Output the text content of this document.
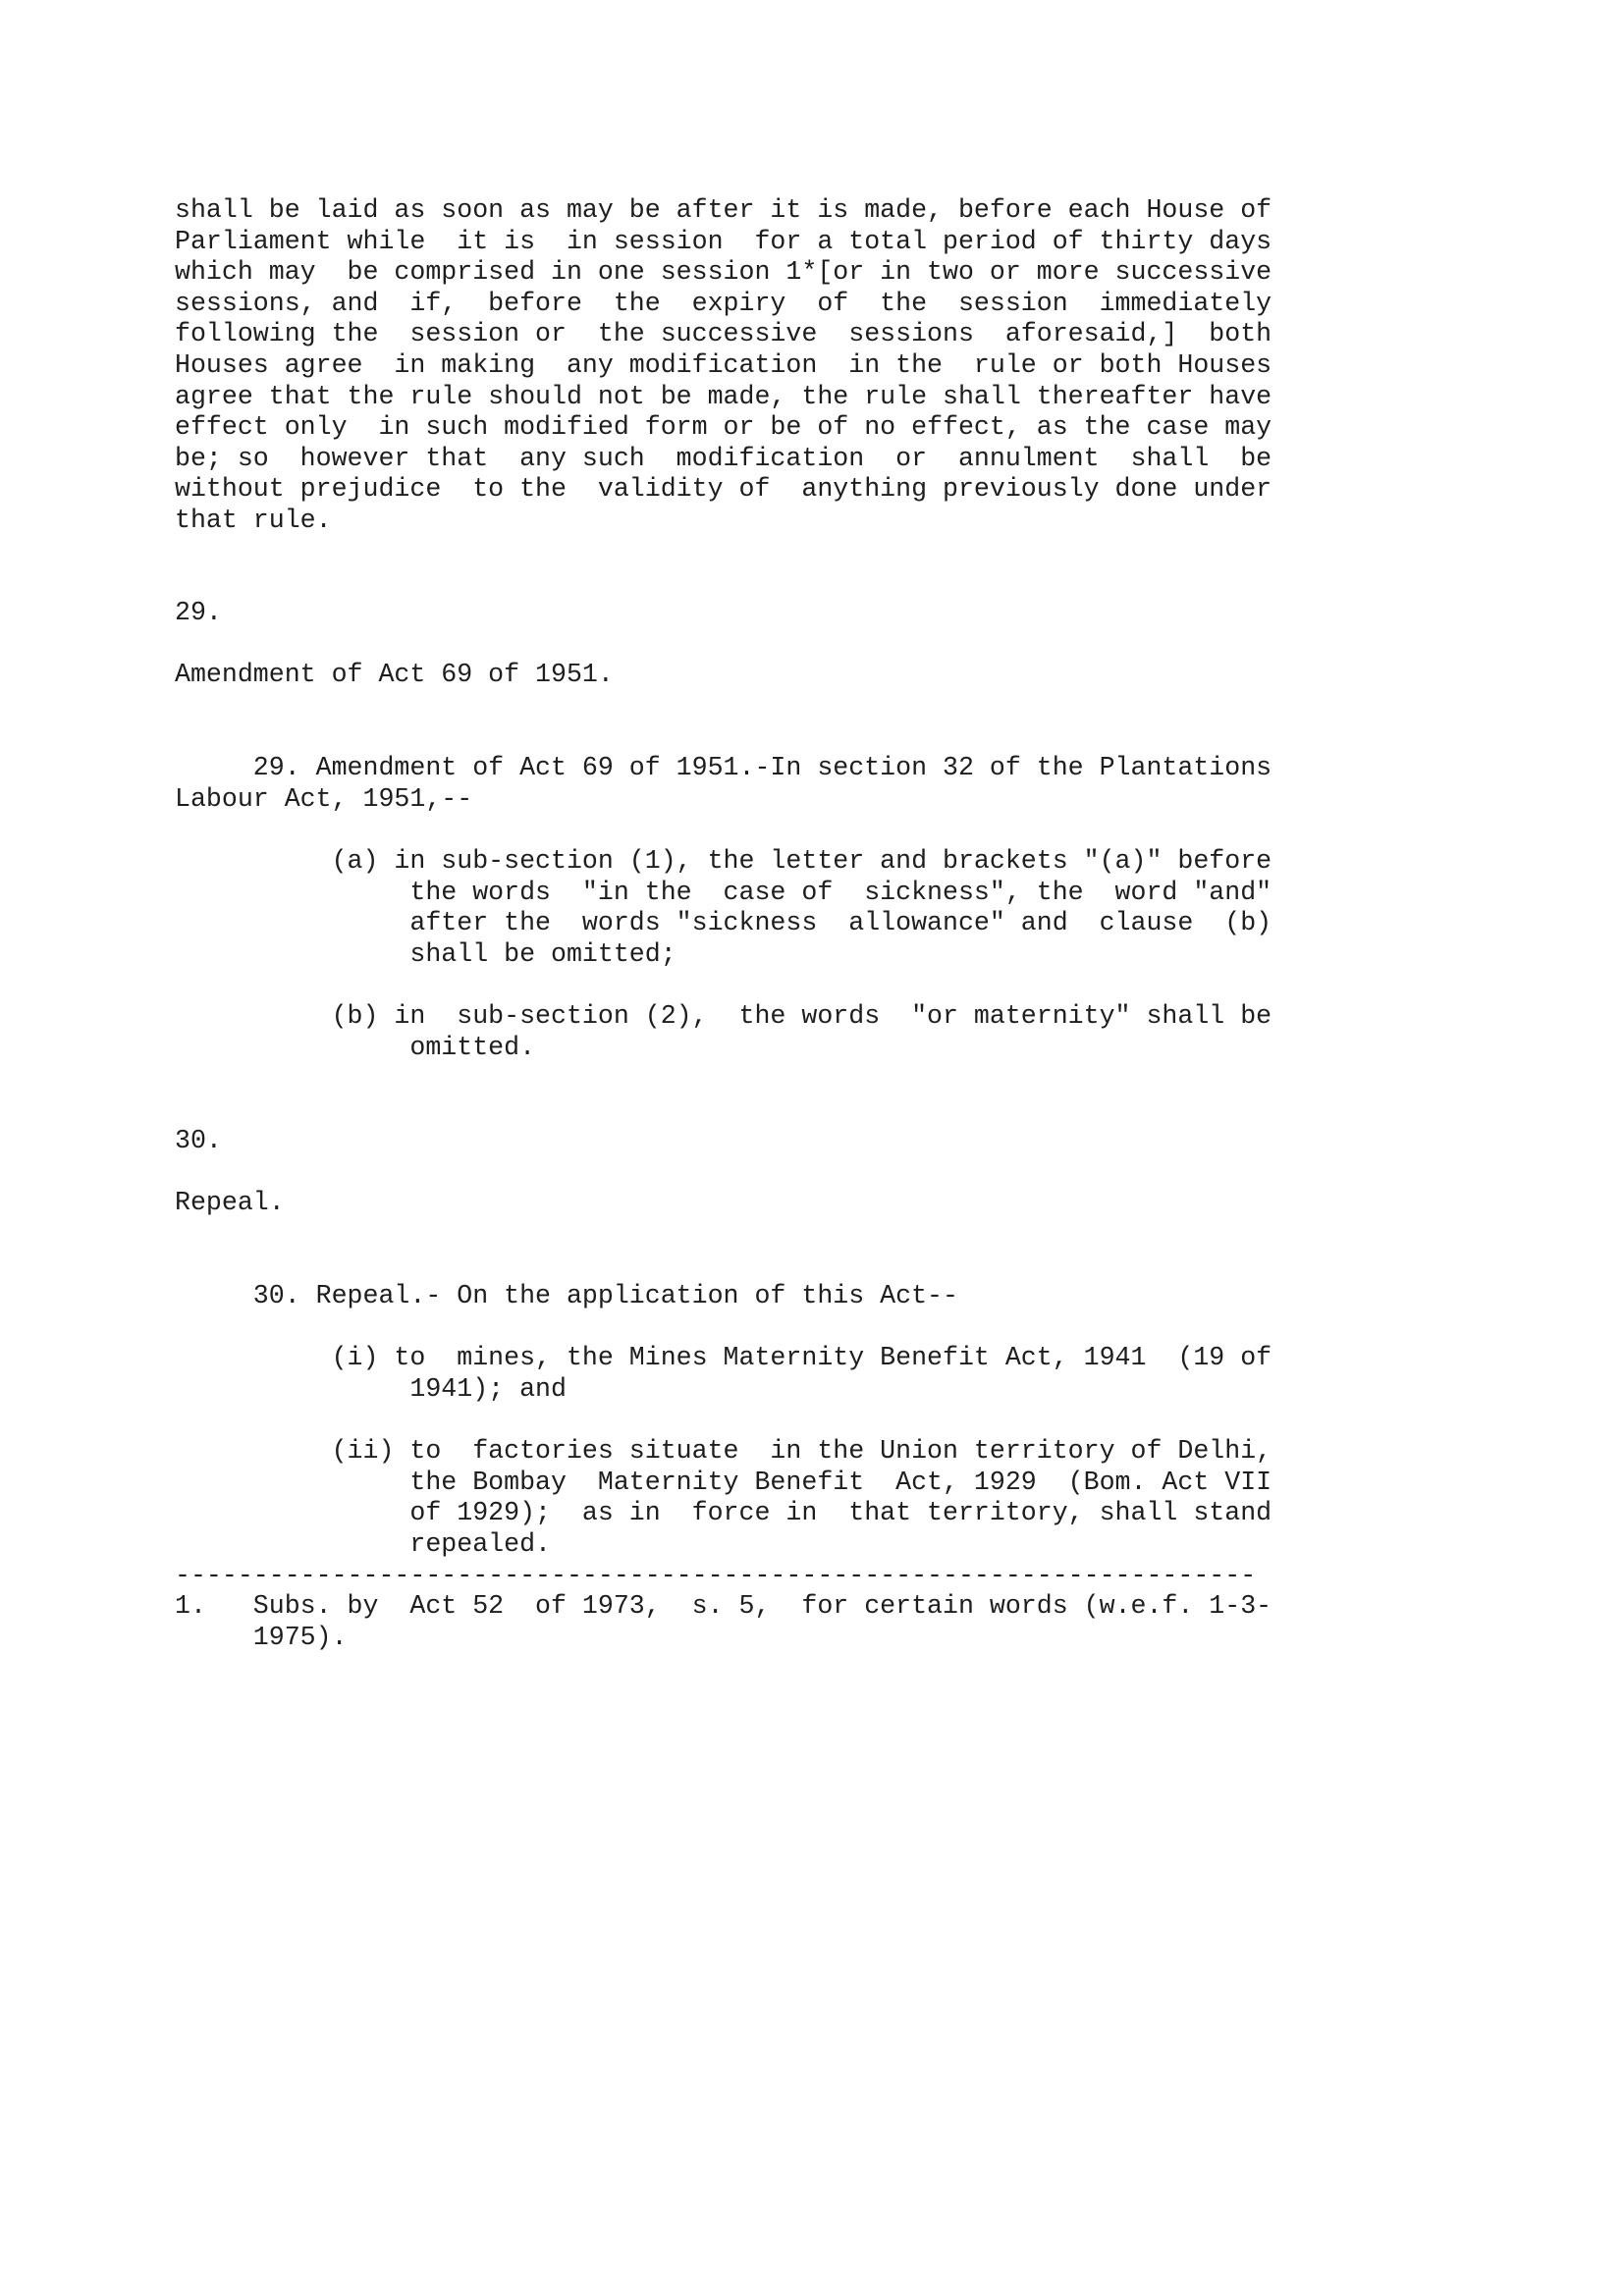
shall be laid as soon as may be after it is made, before each House of
Parliament while  it is  in session  for a total period of thirty days
which may  be comprised in one session 1*[or in two or more successive
sessions, and  if,  before  the  expiry  of  the  session  immediately
following the  session or  the successive  sessions  aforesaid,]  both
Houses agree  in making  any modification  in the  rule or both Houses
agree that the rule should not be made, the rule shall thereafter have
effect only  in such modified form or be of no effect, as the case may
be; so  however that  any such  modification  or  annulment  shall  be
without prejudice  to the  validity of  anything previously done under
that rule.
29.
Amendment of Act 69 of 1951.
29. Amendment of Act 69 of 1951.-In section 32 of the Plantations
Labour Act, 1951,--
(a) in sub-section (1), the letter and brackets "(a)" before
the words  "in the  case of  sickness", the  word "and"
after the  words "sickness  allowance" and  clause  (b)
shall be omitted;
(b) in  sub-section (2),  the words  "or maternity" shall be
omitted.
30.
Repeal.
30. Repeal.- On the application of this Act--
(i) to  mines, the Mines Maternity Benefit Act, 1941  (19 of
1941); and
(ii) to  factories situate  in the Union territory of Delhi,
the Bombay  Maternity Benefit  Act, 1929  (Bom. Act VII
of 1929);  as in  force in  that territory, shall stand
repealed.
---------------------------------------------------------------------
1.   Subs. by  Act 52  of 1973,  s. 5,  for certain words (w.e.f. 1-3-
1975).
